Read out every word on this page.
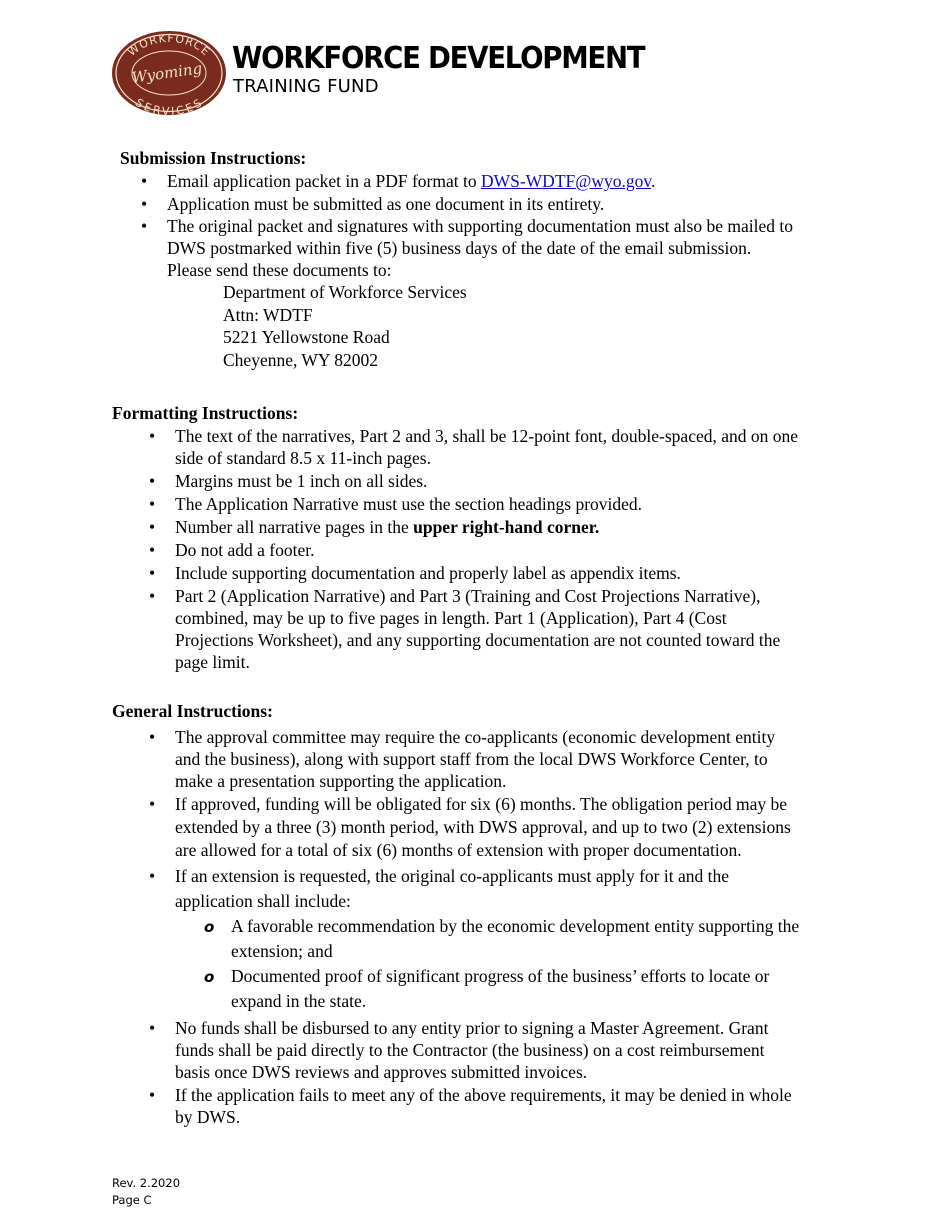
WORKFORCE
SERVICES
Wyoming WORKFORCE DEVELOPMENT
TRAINING FUND
Submission Instructions:
• Email application packet in a PDF format to DWS-WDTF@wyo.gov.
• Application must be submitted as one document in its entirety.
• The original packet and signatures with supporting documentation must also be mailed to
DWS postmarked within five (5) business days of the date of the email submission.
Please send these documents to:
Department of Workforce Services
Attn: WDTF
5221 Yellowstone Road
Cheyenne, WY 82002
Formatting Instructions:
• The text of the narratives, Part 2 and 3, shall be 12-point font, double-spaced, and on one
side of standard 8.5 x 11-inch pages.
• Margins must be 1 inch on all sides.
• The Application Narrative must use the section headings provided.
• Number all narrative pages in the upper right-hand corner.
• Do not add a footer.
• Include supporting documentation and properly label as appendix items.
• Part 2 (Application Narrative) and Part 3 (Training and Cost Projections Narrative),
combined, may be up to five pages in length. Part 1 (Application), Part 4 (Cost
Projections Worksheet), and any supporting documentation are not counted toward the
page limit.
General Instructions:
• The approval committee may require the co-applicants (economic development entity
and the business), along with support staff from the local DWS Workforce Center, to
make a presentation supporting the application.
• If approved, funding will be obligated for six (6) months. The obligation period may be
extended by a three (3) month period, with DWS approval, and up to two (2) extensions
are allowed for a total of six (6) months of extension with proper documentation.
• If an extension is requested, the original co-applicants must apply for it and the
application shall include:
o A favorable recommendation by the economic development entity supporting the
extension; and
o Documented proof of significant progress of the business’ efforts to locate or
expand in the state.
• No funds shall be disbursed to any entity prior to signing a Master Agreement. Grant
funds shall be paid directly to the Contractor (the business) on a cost reimbursement
basis once DWS reviews and approves submitted invoices.
• If the application fails to meet any of the above requirements, it may be denied in whole
by DWS.
Rev. 2.2020
Page C
